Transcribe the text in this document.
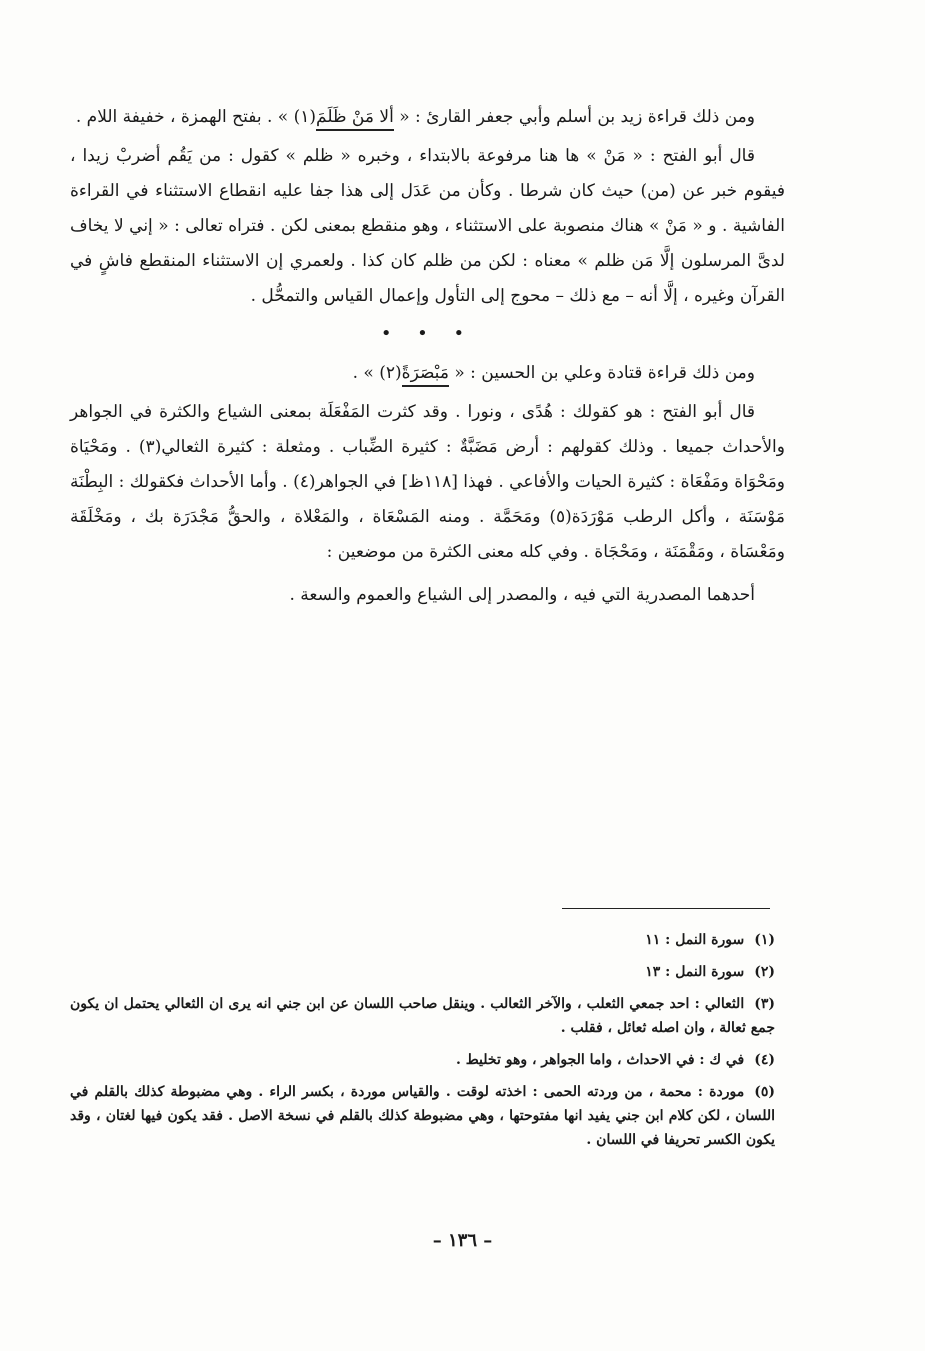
ومن ذلك قراءة زيد بن أسلم وأبي جعفر القارئ : « ألا مَنْ ظَلَمَ(١) » . بفتح الهمزة ، خفيفة اللام .

قال أبو الفتح : « مَنْ » ها هنا مرفوعة بالابتداء ، وخبره « ظلم » كقول : من يَقُم أضربْ زيدا ، فيقوم خبر عن (من) حيث كان شرطا . وكأن من عَدَل إلى هذا جفا عليه انقطاع الاستثناء في القراءة الفاشية . و « مَنْ » هناك منصوبة على الاستثناء ، وهو منقطع بمعنى لكن . فتراه تعالى : « إني لا يخاف لدىَّ المرسلون إلَّا مَن ظلم » معناه : لكن من ظلم كان كذا . ولعمري إن الاستثناء المنقطع فاشٍ في القرآن وغيره ، إلَّا أنه – مع ذلك – محوج إلى التأول وإعمال القياس والتمحُّل .

• • •

ومن ذلك قراءة قتادة وعلي بن الحسين : « مَبْصَرَةً(٢) » .

قال أبو الفتح : هو كقولك : هُدًى ، ونورا . وقد كثرت المَفْعَلَة بمعنى الشياع والكثرة في الجواهر والأحداث جميعا . وذلك كقولهم : أرض مَضَبَّةٌ : كثيرة الضِّباب . ومثعلة : كثيرة الثعالي(٣) . ومَحْيَاة ومَحْوَاة ومَفْعَاة : كثيرة الحيات والأفاعي . فهذا [١١٨ظ] في الجواهر(٤) . وأما الأحداث فكقولك : البِطْنَة مَوْسَنَة ، وأكل الرطب مَوْرَدَة(٥) ومَحَمَّة . ومنه المَسْعَاة ، والمَعْلاة ، والحقُّ مَجْدَرَة بك ، ومَخْلَقَة ومَعْسَاة ، ومَقْمَنَة ، ومَحْجَاة . وفي كله معنى الكثرة من موضعين :

أحدهما المصدرية التي فيه ، والمصدر إلى الشياع والعموم والسعة .

(١)سورة النمل : ١١

(٢)سورة النمل : ١٣

(٣)الثعالي : احد جمعي الثعلب ، والآخر الثعالب . وينقل صاحب اللسان عن ابن جني انه يرى ان الثعالي يحتمل ان يكون جمع ثعالة ، وان اصله ثعائل ، فقلب .

(٤)في ك : في الاحداث ، واما الجواهر ، وهو تخليط .

(٥)موردة : محمة ، من وردته الحمى : اخذته لوقت . والقياس موردة ، بكسر الراء . وهي مضبوطة كذلك بالقلم في اللسان ، لكن كلام ابن جني يفيد انها مفتوحتها ، وهي مضبوطة كذلك بالقلم في نسخة الاصل . فقد يكون فيها لغتان ، وقد يكون الكسر تحريفا في اللسان .

– ١٣٦ –
